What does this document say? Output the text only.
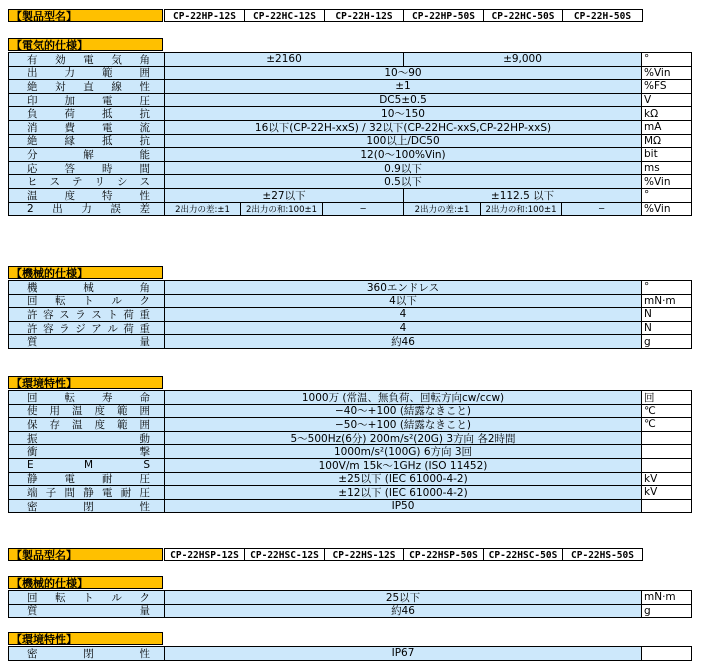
【製品型名】	CP-22HP-12S	CP-22HC-12S	CP-22H-12S	CP-22HP-50S	CP-22HC-50S	CP-22H-50S
【電気的仕様】
有 効 電 気 角	±2160	±9,000	°
出	力	範	囲	10〜90	%Vin
絶 対 直 線 性	±1	%FS
印	加	電	圧	DC5±0.5	V
負	荷	抵	抗	10〜150	kΩ
消	費	電	流	16以下(CP-22H-xxS) / 32以下(CP-22HC-xxS,CP-22HP-xxS)	mA
絶	縁	抵	抗	100以上/DC50	MΩ
分	解	能	12(0〜100%Vin)	bit
応	答	時	間	0.9以下	ms
ヒ ス テ リ シ ス	0.5以下	%Vin
温	度	特	性	±27以下	±112.5 以下	°
2 出 力 誤 差	2出力の差:±1	2出力の和:100±1	−	2出力の差:±1	2出力の和:100±1	−	%Vin
【機械的仕様】
機	械	角	360エンドレス	°
回 転 ト ル ク	4以下	mN·m
許 容 ス ラ ス ト 荷 重	4	N
許 容 ラ ジ ア ル 荷 重	4	N
質	量	約46	g
【環境特性】
回	転	寿	命	1000万 (常温、無負荷、回転方向cw/ccw)	回
使 用 温 度 範 囲	−40〜+100 (結露なきこと)	℃
保 存 温 度 範 囲	−50〜+100 (結露なきこと)	℃
振	動	5〜500Hz(6分) 200m/s²(20G) 3方向 各2時間
衝	撃	1000m/s²(100G) 6方向 3回
E	M	S	100V/m 15k〜1GHz (ISO 11452)
静	電	耐	圧	±25以下 (IEC 61000-4-2)	kV
端 子 間 静 電 耐 圧	±12以下 (IEC 61000-4-2)	kV
密	閉	性	IP50
【製品型名】	CP-22HSP-12S	CP-22HSC-12S	CP-22HS-12S	CP-22HSP-50S	CP-22HSC-50S	CP-22HS-50S
【機械的仕様】
回 転 ト ル ク	25以下	mN·m
質	量	約46	g
【環境特性】
密	閉	性	IP67
